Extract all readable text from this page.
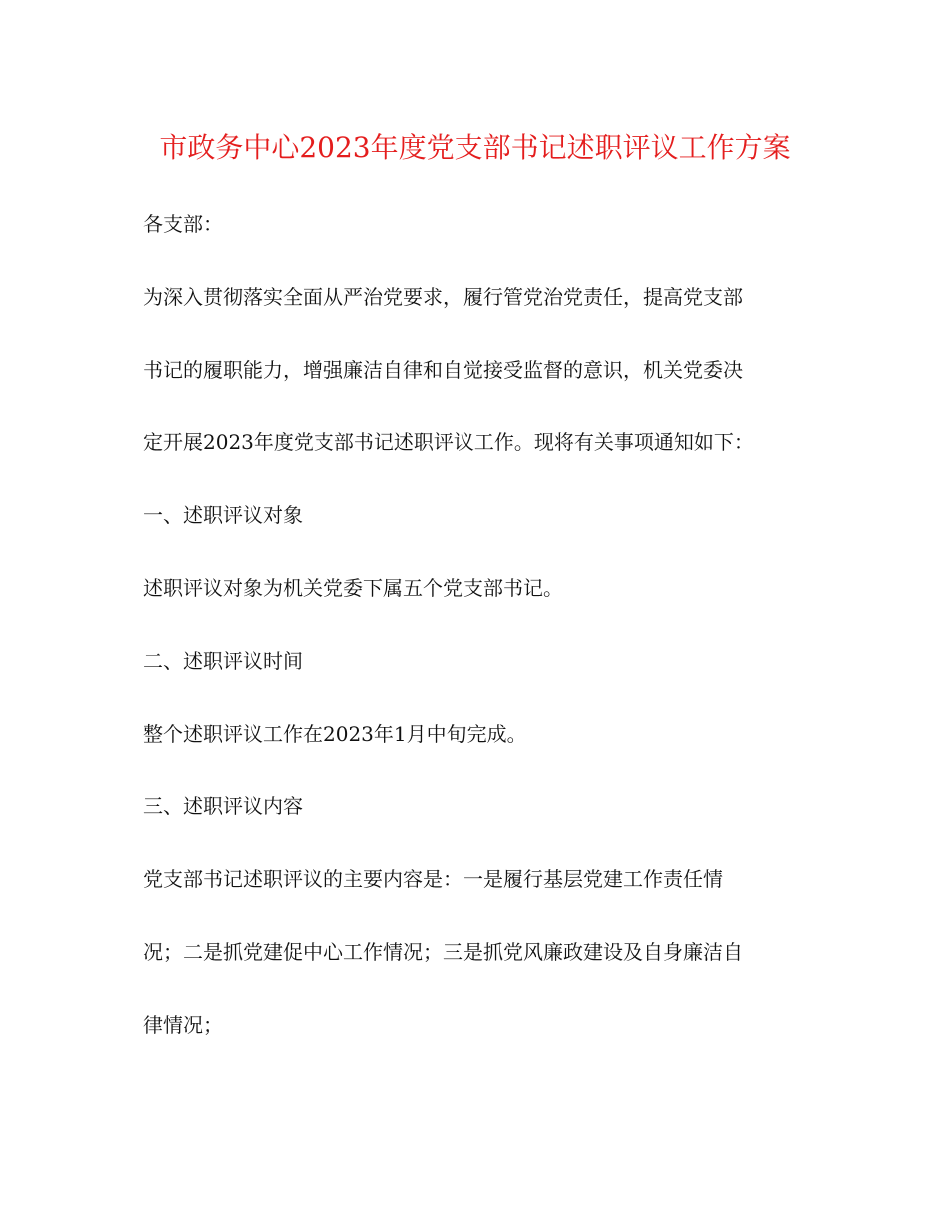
市政务中心2023年度党支部书记述职评议工作方案
各支部：
为深入贯彻落实全面从严治党要求，履行管党治党责任，提高党支部
书记的履职能力，增强廉洁自律和自觉接受监督的意识，机关党委决
定开展2023年度党支部书记述职评议工作。现将有关事项通知如下：
一、述职评议对象
述职评议对象为机关党委下属五个党支部书记。
二、述职评议时间
整个述职评议工作在2023年1月中旬完成。
三、述职评议内容
党支部书记述职评议的主要内容是：一是履行基层党建工作责任情
况；二是抓党建促中心工作情况；三是抓党风廉政建设及自身廉洁自
律情况；
